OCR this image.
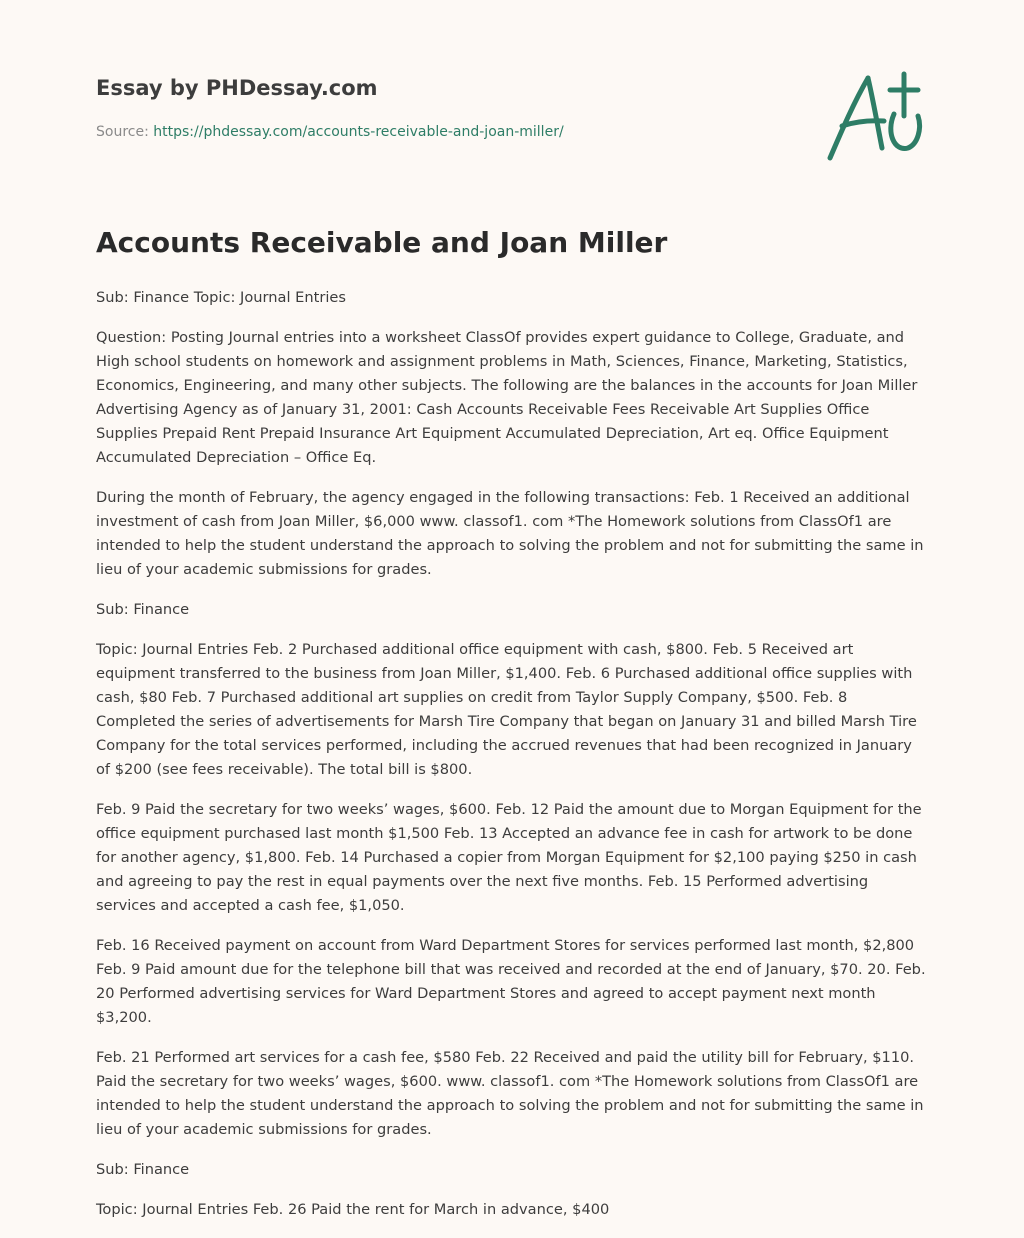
Essay by PHDessay.com
Source: https://phdessay.com/accounts-receivable-and-joan-miller/
Accounts Receivable and Joan Miller

Sub: Finance Topic: Journal Entries

Question: Posting Journal entries into a worksheet ClassOf provides expert guidance to College, Graduate, and High school students on homework and assignment problems in Math, Sciences, Finance, Marketing, Statistics, Economics, Engineering, and many other subjects. The following are the balances in the accounts for Joan Miller Advertising Agency as of January 31, 2001: Cash Accounts Receivable Fees Receivable Art Supplies Office Supplies Prepaid Rent Prepaid Insurance Art Equipment Accumulated Depreciation, Art eq. Office Equipment Accumulated Depreciation – Office Eq.

During the month of February, the agency engaged in the following transactions: Feb. 1 Received an additional investment of cash from Joan Miller, $6,000 www. classof1. com *The Homework solutions from ClassOf1 are intended to help the student understand the approach to solving the problem and not for submitting the same in lieu of your academic submissions for grades.

Sub: Finance

Topic: Journal Entries Feb. 2 Purchased additional office equipment with cash, $800. Feb. 5 Received art equipment transferred to the business from Joan Miller, $1,400. Feb. 6 Purchased additional office supplies with cash, $80 Feb. 7 Purchased additional art supplies on credit from Taylor Supply Company, $500. Feb. 8 Completed the series of advertisements for Marsh Tire Company that began on January 31 and billed Marsh Tire Company for the total services performed, including the accrued revenues that had been recognized in January of $200 (see fees receivable). The total bill is $800.

Feb. 9 Paid the secretary for two weeks’ wages, $600. Feb. 12 Paid the amount due to Morgan Equipment for the office equipment purchased last month $1,500 Feb. 13 Accepted an advance fee in cash for artwork to be done for another agency, $1,800. Feb. 14 Purchased a copier from Morgan Equipment for $2,100 paying $250 in cash and agreeing to pay the rest in equal payments over the next five months. Feb. 15 Performed advertising services and accepted a cash fee, $1,050.

Feb. 16 Received payment on account from Ward Department Stores for services performed last month, $2,800 Feb. 9 Paid amount due for the telephone bill that was received and recorded at the end of January, $70. 20. Feb. 20 Performed advertising services for Ward Department Stores and agreed to accept payment next month $3,200.

Feb. 21 Performed art services for a cash fee, $580 Feb. 22 Received and paid the utility bill for February, $110. Paid the secretary for two weeks’ wages, $600. www. classof1. com *The Homework solutions from ClassOf1 are intended to help the student understand the approach to solving the problem and not for submitting the same in lieu of your academic submissions for grades.

Sub: Finance

Topic: Journal Entries Feb. 26 Paid the rent for March in advance, $400
